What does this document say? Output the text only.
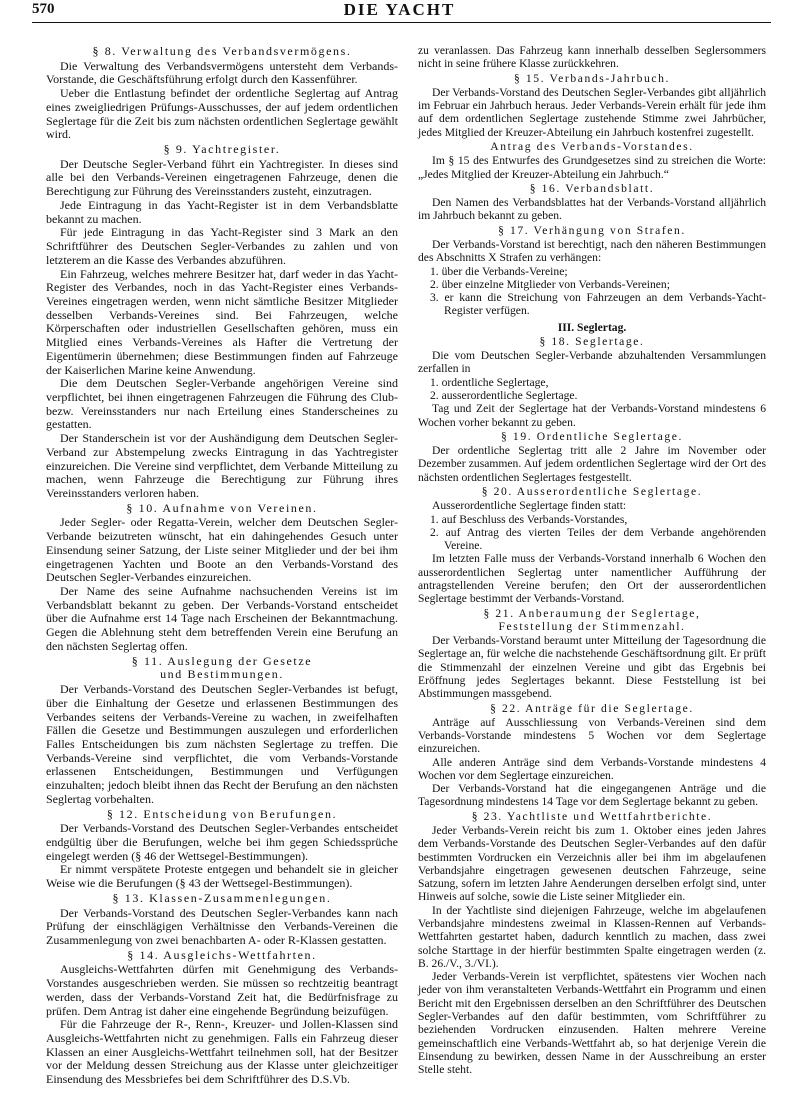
570	DIE YACHT
§ 8. Verwaltung des Verbandsvermögens.
Die Verwaltung des Verbandsvermögens untersteht dem Verbands-Vorstande, die Geschäftsführung erfolgt durch den Kassenführer.
Ueber die Entlastung befindet der ordentliche Seglertag auf Antrag eines zweigliedrigen Prüfungs-Ausschusses, der auf jedem ordentlichen Seglertage für die Zeit bis zum nächsten ordentlichen Seglertage gewählt wird.
§ 9. Yachtregister.
Der Deutsche Segler-Verband führt ein Yachtregister. In dieses sind alle bei den Verbands-Vereinen eingetragenen Fahrzeuge, denen die Berechtigung zur Führung des Vereinsstanders zusteht, einzutragen.
Jede Eintragung in das Yacht-Register ist in dem Verbandsblatte bekannt zu machen.
Für jede Eintragung in das Yacht-Register sind 3 Mark an den Schriftführer des Deutschen Segler-Verbandes zu zahlen und von letzterem an die Kasse des Verbandes abzuführen.
Ein Fahrzeug, welches mehrere Besitzer hat, darf weder in das Yacht-Register des Verbandes, noch in das Yacht-Register eines Verbands-Vereines eingetragen werden, wenn nicht sämtliche Besitzer Mitglieder desselben Verbands-Vereines sind. Bei Fahrzeugen, welche Körperschaften oder industriellen Gesellschaften gehören, muss ein Mitglied eines Verbands-Vereines als Hafter die Vertretung der Eigentümerin übernehmen; diese Bestimmungen finden auf Fahrzeuge der Kaiserlichen Marine keine Anwendung.
Die dem Deutschen Segler-Verbande angehörigen Vereine sind verpflichtet, bei ihnen eingetragenen Fahrzeugen die Führung des Club- bezw. Vereinsstanders nur nach Erteilung eines Standerscheines zu gestatten.
Der Standerschein ist vor der Aushändigung dem Deutschen Segler-Verband zur Abstempelung zwecks Eintragung in das Yachtregister einzureichen. Die Vereine sind verpflichtet, dem Verbande Mitteilung zu machen, wenn Fahrzeuge die Berechtigung zur Führung ihres Vereinsstanders verloren haben.
§ 10. Aufnahme von Vereinen.
Jeder Segler- oder Regatta-Verein, welcher dem Deutschen Segler-Verbande beizutreten wünscht, hat ein dahingehendes Gesuch unter Einsendung seiner Satzung, der Liste seiner Mitglieder und der bei ihm eingetragenen Yachten und Boote an den Verbands-Vorstand des Deutschen Segler-Verbandes einzureichen.
Der Name des seine Aufnahme nachsuchenden Vereins ist im Verbandsblatt bekannt zu geben. Der Verbands-Vorstand entscheidet über die Aufnahme erst 14 Tage nach Erscheinen der Bekanntmachung. Gegen die Ablehnung steht dem betreffenden Verein eine Berufung an den nächsten Seglertag offen.
§ 11. Auslegung der Gesetze
und Bestimmungen.
Der Verbands-Vorstand des Deutschen Segler-Verbandes ist befugt, über die Einhaltung der Gesetze und erlassenen Bestimmungen des Verbandes seitens der Verbands-Vereine zu wachen, in zweifelhaften Fällen die Gesetze und Bestimmungen auszulegen und erforderlichen Falles Entscheidungen bis zum nächsten Seglertage zu treffen. Die Verbands-Vereine sind verpflichtet, die vom Verbands-Vorstande erlassenen Entscheidungen, Bestimmungen und Verfügungen einzuhalten; jedoch bleibt ihnen das Recht der Berufung an den nächsten Seglertag vorbehalten.
§ 12. Entscheidung von Berufungen.
Der Verbands-Vorstand des Deutschen Segler-Verbandes entscheidet endgültig über die Berufungen, welche bei ihm gegen Schiedssprüche eingelegt werden (§ 46 der Wettsegel-Bestimmungen).
Er nimmt verspätete Proteste entgegen und behandelt sie in gleicher Weise wie die Berufungen (§ 43 der Wettsegel-Bestimmungen).
§ 13. Klassen-Zusammenlegungen.
Der Verbands-Vorstand des Deutschen Segler-Verbandes kann nach Prüfung der einschlägigen Verhältnisse den Verbands-Vereinen die Zusammenlegung von zwei benachbarten A- oder R-Klassen gestatten.
§ 14. Ausgleichs-Wettfahrten.
Ausgleichs-Wettfahrten dürfen mit Genehmigung des Verbands-Vorstandes ausgeschrieben werden. Sie müssen so rechtzeitig beantragt werden, dass der Verbands-Vorstand Zeit hat, die Bedürfnisfrage zu prüfen. Dem Antrag ist daher eine eingehende Begründung beizufügen.
Für die Fahrzeuge der R-, Renn-, Kreuzer- und Jollen-Klassen sind Ausgleichs-Wettfahrten nicht zu genehmigen. Falls ein Fahrzeug dieser Klassen an einer Ausgleichs-Wettfahrt teilnehmen soll, hat der Besitzer vor der Meldung dessen Streichung aus der Klasse unter gleichzeitiger Einsendung des Messbriefes bei dem Schriftführer des D.S.Vb.
zu veranlassen. Das Fahrzeug kann innerhalb desselben Seglersommers nicht in seine frühere Klasse zurückkehren.
§ 15. Verbands-Jahrbuch.
Der Verbands-Vorstand des Deutschen Segler-Verbandes gibt alljährlich im Februar ein Jahrbuch heraus. Jeder Verbands-Verein erhält für jede ihm auf dem ordentlichen Seglertage zustehende Stimme zwei Jahrbücher, jedes Mitglied der Kreuzer-Abteilung ein Jahrbuch kostenfrei zugestellt.
Antrag des Verbands-Vorstandes.
Im § 15 des Entwurfes des Grundgesetzes sind zu streichen die Worte: „Jedes Mitglied der Kreuzer-Abteilung ein Jahrbuch.“
§ 16. Verbandsblatt.
Den Namen des Verbandsblattes hat der Verbands-Vorstand alljährlich im Jahrbuch bekannt zu geben.
§ 17. Verhängung von Strafen.
Der Verbands-Vorstand ist berechtigt, nach den näheren Bestimmungen des Abschnitts X Strafen zu verhängen:
1. über die Verbands-Vereine;
2. über einzelne Mitglieder von Verbands-Vereinen;
3. er kann die Streichung von Fahrzeugen an dem Verbands-Yacht-Register verfügen.
III. Seglertag.
§ 18. Seglertage.
Die vom Deutschen Segler-Verbande abzuhaltenden Versammlungen zerfallen in
1. ordentliche Seglertage,
2. ausserordentliche Seglertage.
Tag und Zeit der Seglertage hat der Verbands-Vorstand mindestens 6 Wochen vorher bekannt zu geben.
§ 19. Ordentliche Seglertage.
Der ordentliche Seglertag tritt alle 2 Jahre im November oder Dezember zusammen. Auf jedem ordentlichen Seglertage wird der Ort des nächsten ordentlichen Seglertages festgestellt.
§ 20. Ausserordentliche Seglertage.
Ausserordentliche Seglertage finden statt:
1. auf Beschluss des Verbands-Vorstandes,
2. auf Antrag des vierten Teiles der dem Verbande angehörenden Vereine.
Im letzten Falle muss der Verbands-Vorstand innerhalb 6 Wochen den ausserordentlichen Seglertag unter namentlicher Aufführung der antragstellenden Vereine berufen; den Ort der ausserordentlichen Seglertage bestimmt der Verbands-Vorstand.
§ 21. Anberaumung der Seglertage,
Feststellung der Stimmenzahl.
Der Verbands-Vorstand beraumt unter Mitteilung der Tagesordnung die Seglertage an, für welche die nachstehende Geschäftsordnung gilt. Er prüft die Stimmenzahl der einzelnen Vereine und gibt das Ergebnis bei Eröffnung jedes Seglertages bekannt. Diese Feststellung ist bei Abstimmungen massgebend.
§ 22. Anträge für die Seglertage.
Anträge auf Ausschliessung von Verbands-Vereinen sind dem Verbands-Vorstande mindestens 5 Wochen vor dem Seglertage einzureichen.
Alle anderen Anträge sind dem Verbands-Vorstande mindestens 4 Wochen vor dem Seglertage einzureichen.
Der Verbands-Vorstand hat die eingegangenen Anträge und die Tagesordnung mindestens 14 Tage vor dem Seglertage bekannt zu geben.
§ 23. Yachtliste und Wettfahrtberichte.
Jeder Verbands-Verein reicht bis zum 1. Oktober eines jeden Jahres dem Verbands-Vorstande des Deutschen Segler-Verbandes auf den dafür bestimmten Vordrucken ein Verzeichnis aller bei ihm im abgelaufenen Verbandsjahre eingetragen gewesenen deutschen Fahrzeuge, seine Satzung, sofern im letzten Jahre Aenderungen derselben erfolgt sind, unter Hinweis auf solche, sowie die Liste seiner Mitglieder ein.
In der Yachtliste sind diejenigen Fahrzeuge, welche im abgelaufenen Verbandsjahre mindestens zweimal in Klassen-Rennen auf Verbands-Wettfahrten gestartet haben, dadurch kenntlich zu machen, dass zwei solche Starttage in der hierfür bestimmten Spalte eingetragen werden (z. B. 26./V., 3./VI.).
Jeder Verbands-Verein ist verpflichtet, spätestens vier Wochen nach jeder von ihm veranstalteten Verbands-Wettfahrt ein Programm und einen Bericht mit den Ergebnissen derselben an den Schriftführer des Deutschen Segler-Verbandes auf den dafür bestimmten, vom Schriftführer zu beziehenden Vordrucken einzusenden. Halten mehrere Vereine gemeinschaftlich eine Verbands-Wettfahrt ab, so hat derjenige Verein die Einsendung zu bewirken, dessen Name in der Ausschreibung an erster Stelle steht.
